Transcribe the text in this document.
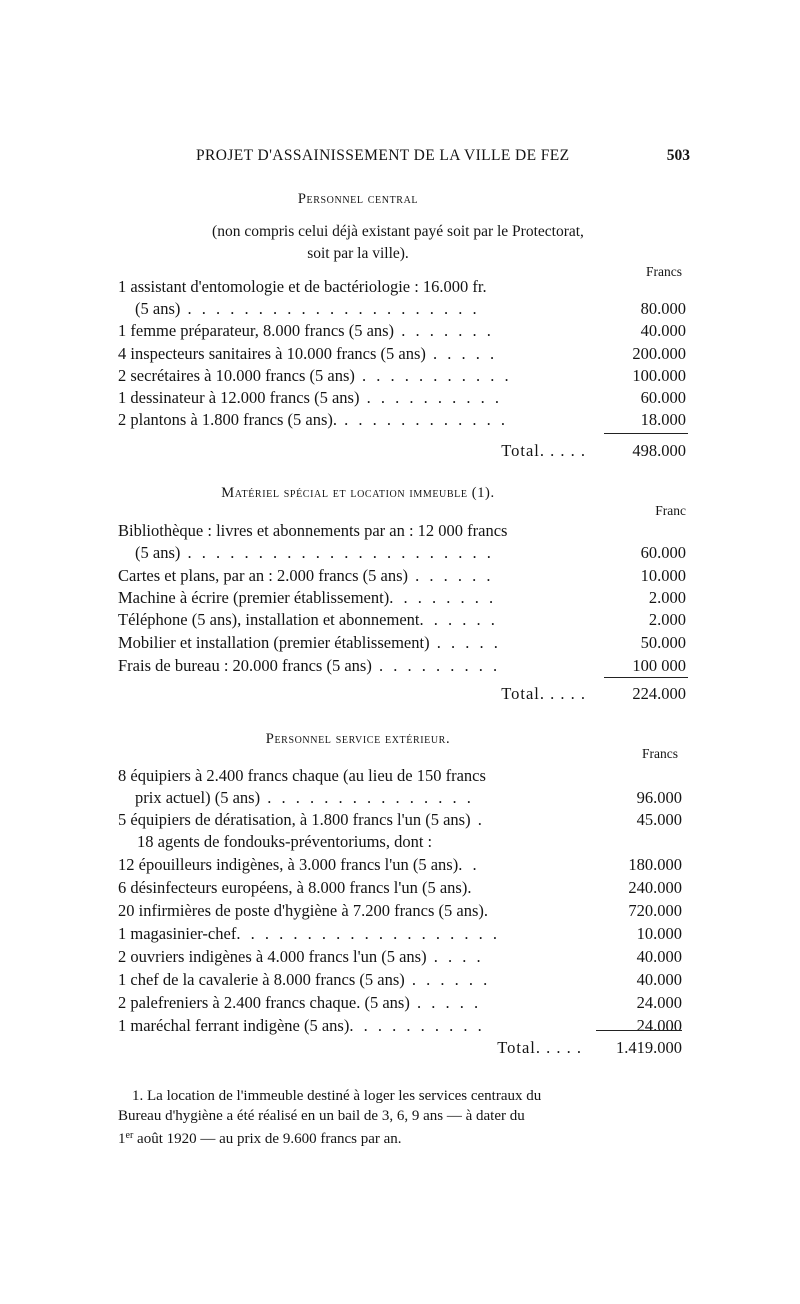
PROJET D'ASSAINISSEMENT DE LA VILLE DE FEZ	503
Personnel central
(non compris celui déjà existant payé soit par le Protectorat,
soit par la ville).
Francs
1 assistant d'entomologie et de bactériologie : 16.000 fr.
(5 ans) . . . . . . . . . . . . . . . . . . . . .	80.000
1 femme préparateur, 8.000 francs (5 ans) . . . . . . .	40.000
4 inspecteurs sanitaires à 10.000 francs (5 ans) . . . . .	200.000
2 secrétaires à 10.000 francs (5 ans) . . . . . . . . . . .	100.000
1 dessinateur à 12.000 francs (5 ans) . . . . . . . . . .	60.000
2 plantons à 1.800 francs (5 ans). . . . . . . . . . . . .	18.000
Total. . . . .	498.000
Matériel spécial et location immeuble (1).
Franc
Bibliothèque : livres et abonnements par an : 12 000 francs
(5 ans) . . . . . . . . . . . . . . . . . . . . . .	60.000
Cartes et plans, par an : 2.000 francs (5 ans) . . . . . .	10.000
Machine à écrire (premier établissement). . . . . . . .	2.000
Téléphone (5 ans), installation et abonnement. . . . . .	2.000
Mobilier et installation (premier établissement) . . . . .	50.000
Frais de bureau : 20.000 francs (5 ans) . . . . . . . . .	100 000
Total. . . . .	224.000
Personnel service extérieur.
Francs
8 équipiers à 2.400 francs chaque (au lieu de 150 francs
prix actuel) (5 ans) . . . . . . . . . . . . . . .	96.000
5 équipiers de dératisation, à 1.800 francs l'un (5 ans) .	45.000
18 agents de fondouks-préventoriums, dont :
12 épouilleurs indigènes, à 3.000 francs l'un (5 ans). .	180.000
6 désinfecteurs européens, à 8.000 francs l'un (5 ans).	240.000
20 infirmières de poste d'hygiène à 7.200 francs (5 ans).	720.000
1 magasinier-chef. . . . . . . . . . . . . . . . . . .	10.000
2 ouvriers indigènes à 4.000 francs l'un (5 ans) . . . .	40.000
1 chef de la cavalerie à 8.000 francs (5 ans) . . . . . .	40.000
2 palefreniers à 2.400 francs chaque. (5 ans) . . . . .	24.000
1 maréchal ferrant indigène (5 ans). . . . . . . . . .	24.000
Total. . . . . 1.419.000
1. La location de l'immeuble destiné à loger les services centraux du
Bureau d'hygiène a été réalisé en un bail de 3, 6, 9 ans — à dater du
1er août 1920 — au prix de 9.600 francs par an.
